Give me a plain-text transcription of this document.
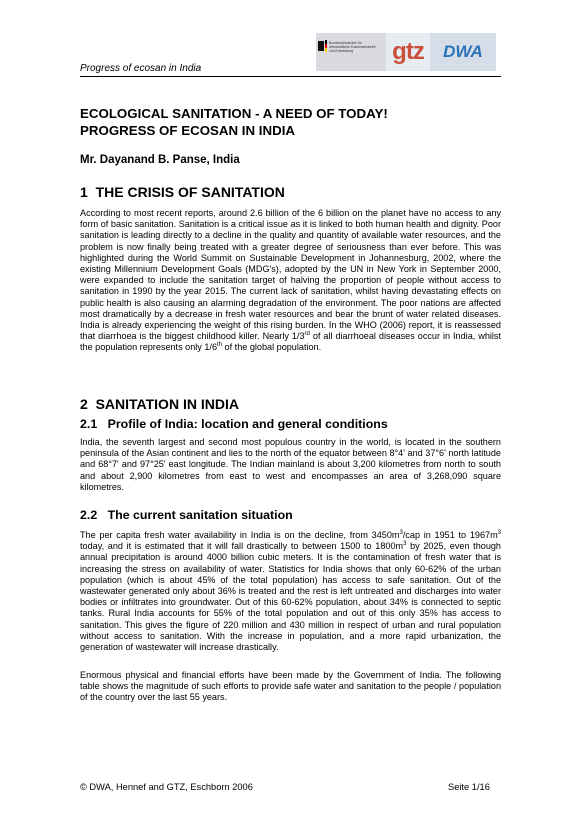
Progress of ecosan in India
Bundesministerium für wirtschaftliche Zusammenarbeit und Entwicklung	gtz	DWA
ECOLOGICAL SANITATION - A NEED OF TODAY!
PROGRESS OF ECOSAN IN INDIA
Mr. Dayanand B. Panse, India
1 THE CRISIS OF SANITATION

According to most recent reports, around 2.6 billion of the 6 billion on the planet have no access to any form of basic sanitation. Sanitation is a critical issue as it is linked to both human health and dignity. Poor sanitation is leading directly to a decline in the quality and quantity of available water resources, and the problem is now finally being treated with a greater degree of seriousness than ever before. This was highlighted during the World Summit on Sustainable Development in Johannesburg, 2002, where the existing Millennium Development Goals (MDG's), adopted by the UN in New York in September 2000, were expanded to include the sanitation target of halving the proportion of people without access to sanitation in 1990 by the year 2015. The current lack of sanitation, whilst having devastating effects on public health is also causing an alarming degradation of the environment. The poor nations are affected most dramatically by a decrease in fresh water resources and bear the brunt of water related diseases. India is already experiencing the weight of this rising burden. In the WHO (2006) report, it is reassessed that diarrhoea is the biggest childhood killer. Nearly 1/3rd of all diarrhoeal diseases occur in India, whilst the population represents only 1/6th of the global population.

2 SANITATION IN INDIA
2.1 Profile of India: location and general conditions

India, the seventh largest and second most populous country in the world, is located in the southern peninsula of the Asian continent and lies to the north of the equator between 8°4' and 37°6' north latitude and 68°7' and 97°25' east longitude. The Indian mainland is about 3,200 kilometres from north to south and about 2,900 kilometres from east to west and encompasses an area of 3,268,090 square kilometres.

2.2 The current sanitation situation

The per capita fresh water availability in India is on the decline, from $3450m^3$/cap in 1951 to $1967m^3$ today, and it is estimated that it will fall drastically to between 1500 to $1800m^3$ by 2025, even though annual precipitation is around 4000 billion cubic meters. It is the contamination of fresh water that is increasing the stress on availability of water. Statistics for India shows that only 60-62% of the urban population (which is about 45% of the total population) has access to safe sanitation. Out of the wastewater generated only about 36% is treated and the rest is left untreated and discharges into water bodies or infiltrates into groundwater. Out of this 60-62% population, about 34% is connected to septic tanks. Rural India accounts for 55% of the total population and out of this only 35% has access to sanitation. This gives the figure of 220 million and 430 million in respect of urban and rural population without access to sanitation. With the increase in population, and a more rapid urbanization, the generation of wastewater will increase drastically.

Enormous physical and financial efforts have been made by the Government of India. The following table shows the magnitude of such efforts to provide safe water and sanitation to the people / population of the country over the last 55 years.

© DWA, Hennef and GTZ, Eschborn 2006	Seite 1/16
